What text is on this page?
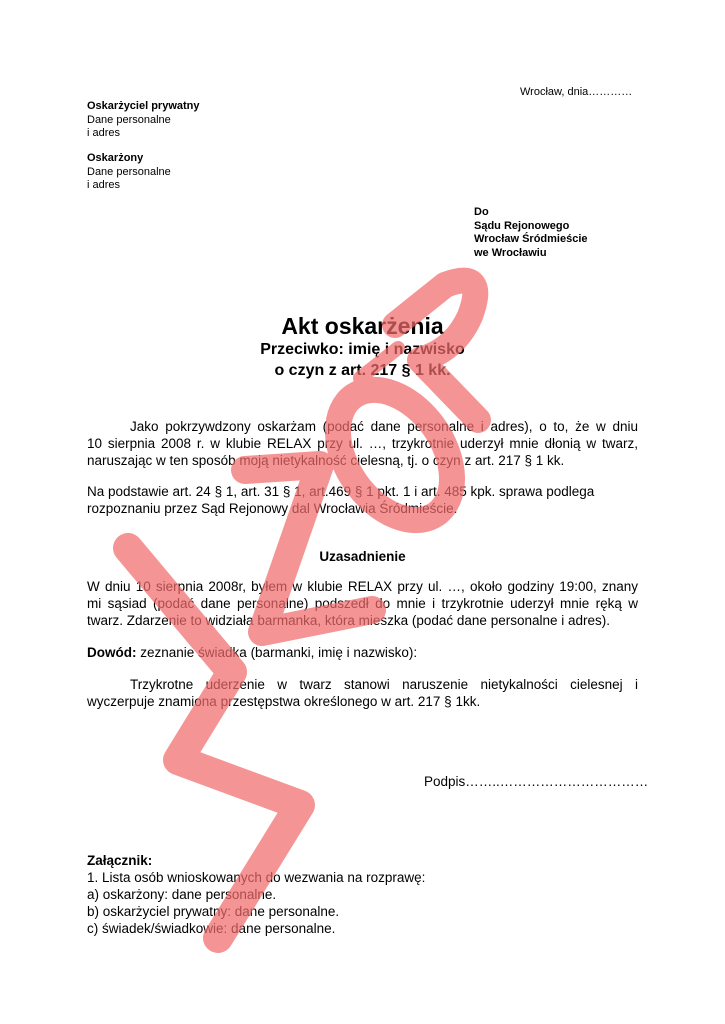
Wrocław, dnia…………
Oskarżyciel prywatny
Dane personalne
i adres
Oskarżony
Dane personalne
i adres
Do
Sądu Rejonowego
Wrocław Śródmieście
we Wrocławiu
Akt oskarżenia
Przeciwko: imię i nazwisko
o czyn z art. 217 § 1 kk.
Jako pokrzywdzony oskarżam (podać dane personalne i adres), o to, że w dniu
10 sierpnia 2008 r. w klubie RELAX przy ul. …, trzykrotnie uderzył mnie dłonią w twarz,
naruszając w ten sposób moją nietykalność cielesną, tj. o czyn z art. 217 § 1 kk.
Na podstawie art. 24 § 1, art. 31 § 1, art.469 § 1 pkt. 1 i art. 485 kpk. sprawa podlega
rozpoznaniu przez Sąd Rejonowy dal Wrocławia Śródmieście.
Uzasadnienie
W dniu 10 sierpnia 2008r, byłem w klubie RELAX przy ul. …, około godziny 19:00, znany
mi sąsiad (podać dane personalne) podszedł do mnie i trzykrotnie uderzył mnie ręką w
twarz. Zdarzenie to widziała barmanka, która mieszka (podać dane personalne i adres).
Dowód: zeznanie świadka (barmanki, imię i nazwisko):
Trzykrotne uderzenie w twarz stanowi naruszenie nietykalności cielesnej i
wyczerpuje znamiona przestępstwa określonego w art. 217 § 1kk.
Podpis……..……………………………
Załącznik:
1. Lista osób wnioskowanych do wezwania na rozprawę:
a) oskarżony: dane personalne.
b) oskarżyciel prywatny: dane personalne.
c) świadek/świadkowie: dane personalne.
